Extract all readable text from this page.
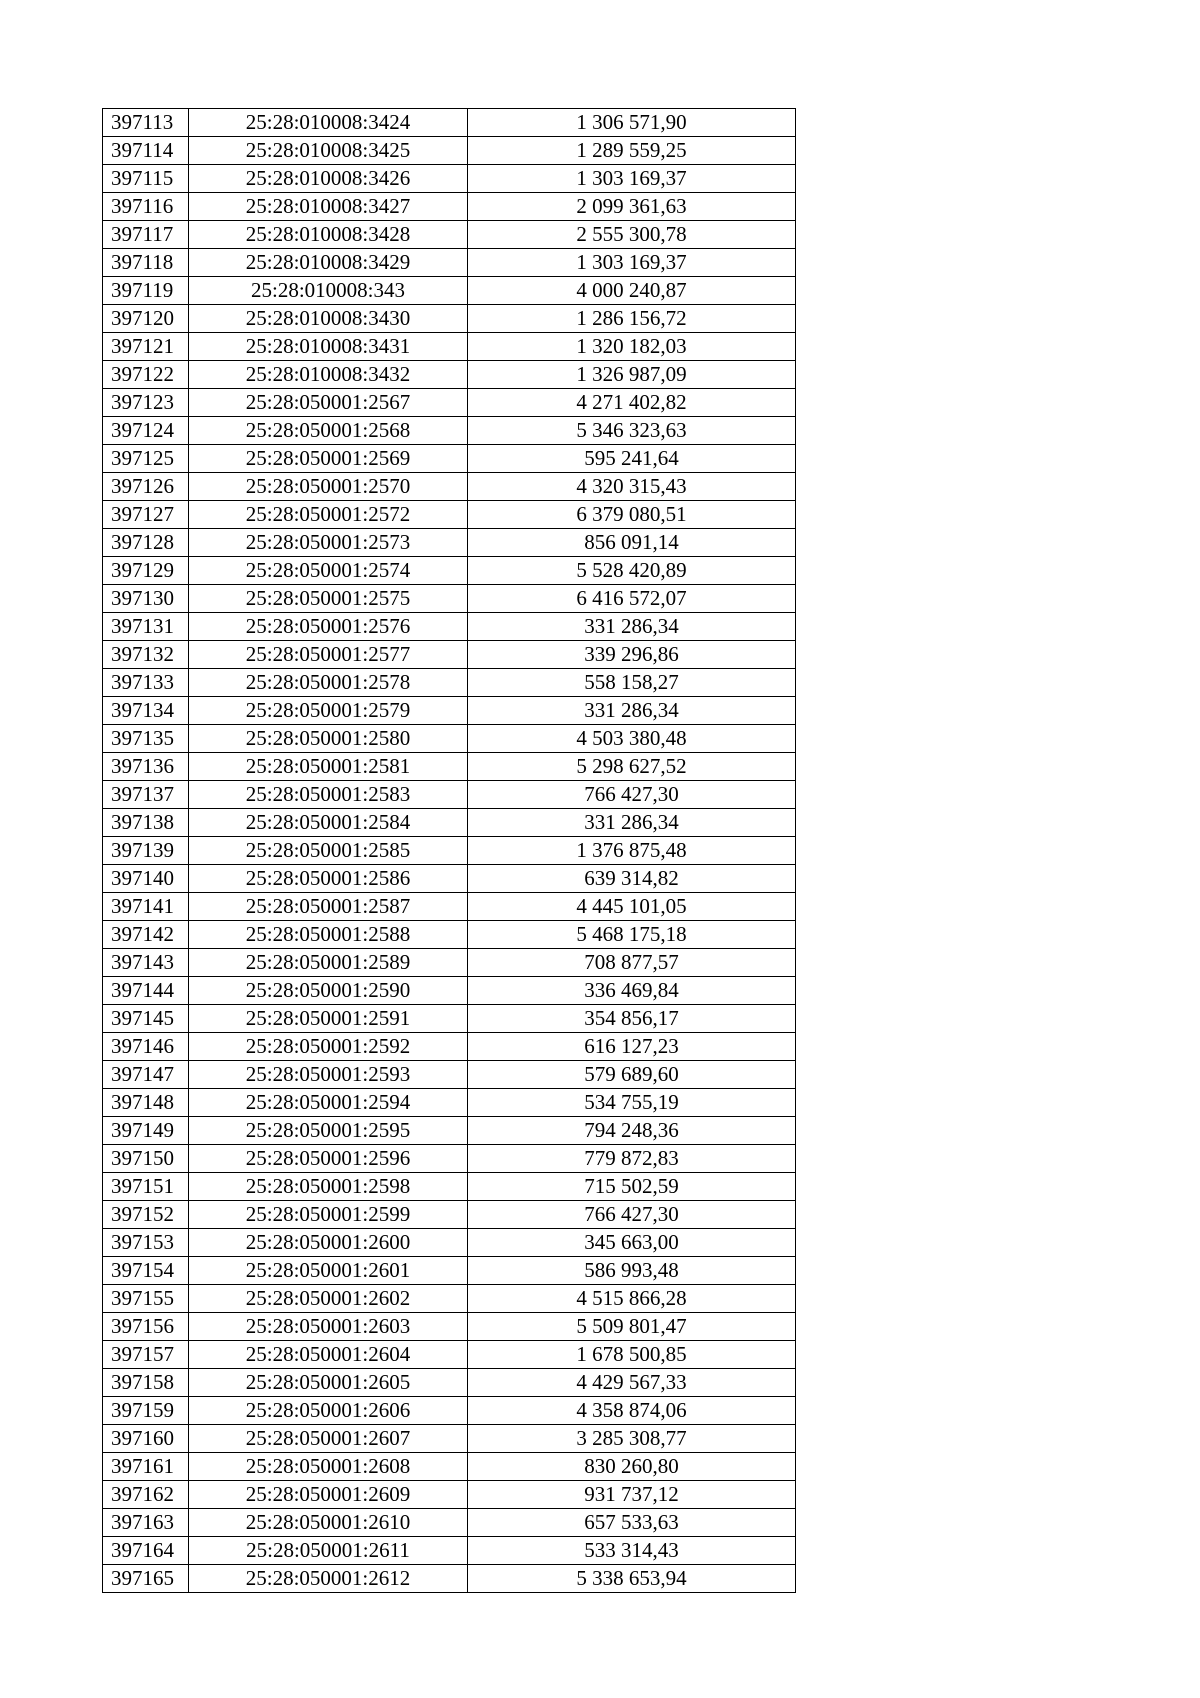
397113	25:28:010008:3424	1 306 571,90
397114	25:28:010008:3425	1 289 559,25
397115	25:28:010008:3426	1 303 169,37
397116	25:28:010008:3427	2 099 361,63
397117	25:28:010008:3428	2 555 300,78
397118	25:28:010008:3429	1 303 169,37
397119	25:28:010008:343	4 000 240,87
397120	25:28:010008:3430	1 286 156,72
397121	25:28:010008:3431	1 320 182,03
397122	25:28:010008:3432	1 326 987,09
397123	25:28:050001:2567	4 271 402,82
397124	25:28:050001:2568	5 346 323,63
397125	25:28:050001:2569	595 241,64
397126	25:28:050001:2570	4 320 315,43
397127	25:28:050001:2572	6 379 080,51
397128	25:28:050001:2573	856 091,14
397129	25:28:050001:2574	5 528 420,89
397130	25:28:050001:2575	6 416 572,07
397131	25:28:050001:2576	331 286,34
397132	25:28:050001:2577	339 296,86
397133	25:28:050001:2578	558 158,27
397134	25:28:050001:2579	331 286,34
397135	25:28:050001:2580	4 503 380,48
397136	25:28:050001:2581	5 298 627,52
397137	25:28:050001:2583	766 427,30
397138	25:28:050001:2584	331 286,34
397139	25:28:050001:2585	1 376 875,48
397140	25:28:050001:2586	639 314,82
397141	25:28:050001:2587	4 445 101,05
397142	25:28:050001:2588	5 468 175,18
397143	25:28:050001:2589	708 877,57
397144	25:28:050001:2590	336 469,84
397145	25:28:050001:2591	354 856,17
397146	25:28:050001:2592	616 127,23
397147	25:28:050001:2593	579 689,60
397148	25:28:050001:2594	534 755,19
397149	25:28:050001:2595	794 248,36
397150	25:28:050001:2596	779 872,83
397151	25:28:050001:2598	715 502,59
397152	25:28:050001:2599	766 427,30
397153	25:28:050001:2600	345 663,00
397154	25:28:050001:2601	586 993,48
397155	25:28:050001:2602	4 515 866,28
397156	25:28:050001:2603	5 509 801,47
397157	25:28:050001:2604	1 678 500,85
397158	25:28:050001:2605	4 429 567,33
397159	25:28:050001:2606	4 358 874,06
397160	25:28:050001:2607	3 285 308,77
397161	25:28:050001:2608	830 260,80
397162	25:28:050001:2609	931 737,12
397163	25:28:050001:2610	657 533,63
397164	25:28:050001:2611	533 314,43
397165	25:28:050001:2612	5 338 653,94
